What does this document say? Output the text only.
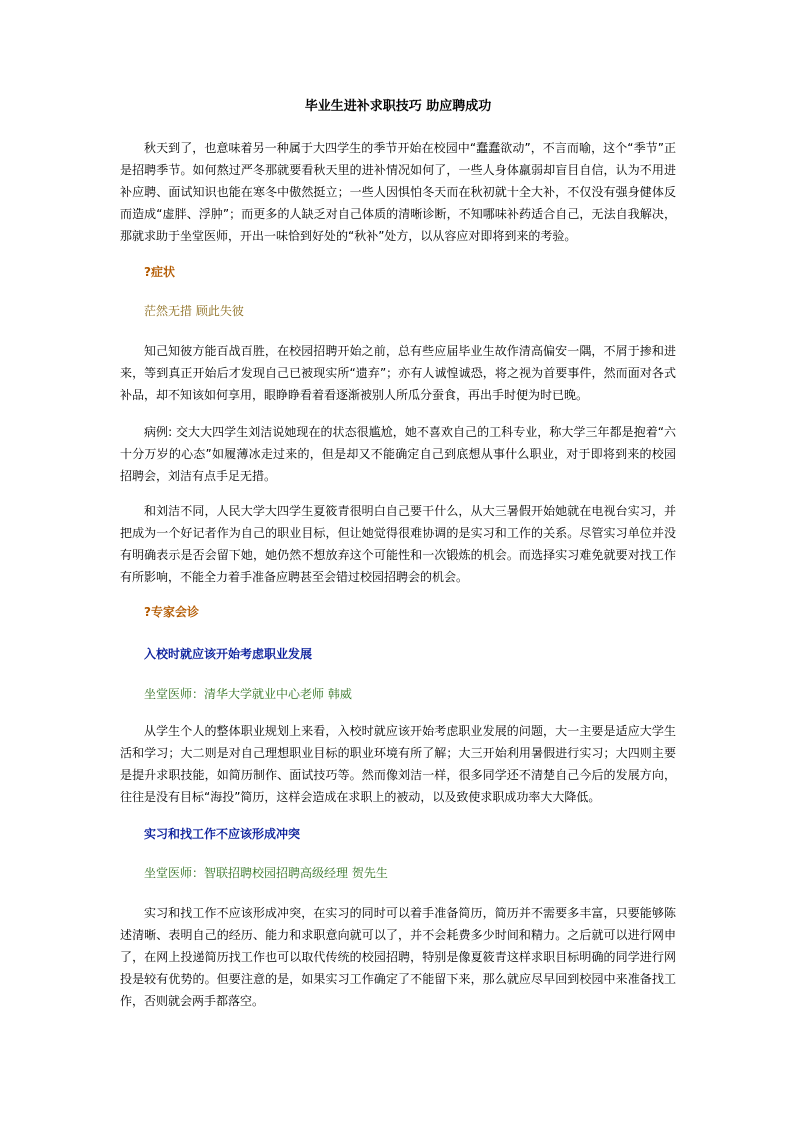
毕业生进补求职技巧 助应聘成功
秋天到了，也意味着另一种属于大四学生的季节开始在校园中“蠢蠢欲动”，不言而喻，这个“季节”正是招聘季节。如何熬过严冬那就要看秋天里的进补情况如何了，一些人身体羸弱却盲目自信，认为不用进补应聘、面试知识也能在寒冬中傲然挺立；一些人因惧怕冬天而在秋初就十全大补，不仅没有强身健体反而造成“虚胖、浮肿”；而更多的人缺乏对自己体质的清晰诊断，不知哪味补药适合自己，无法自我解决，那就求助于坐堂医师，开出一味恰到好处的“秋补”处方，以从容应对即将到来的考验。
?症状
茫然无措 顾此失彼
知己知彼方能百战百胜，在校园招聘开始之前，总有些应届毕业生故作清高偏安一隅，不屑于掺和进来，等到真正开始后才发现自己已被现实所“遗弃”；亦有人诚惶诚恐，将之视为首要事件，然而面对各式补品，却不知该如何享用，眼睁睁看着看逐渐被别人所瓜分蚕食，再出手时便为时已晚。
病例: 交大大四学生刘洁说她现在的状态很尴尬，她不喜欢自己的工科专业，称大学三年都是抱着“六十分万岁的心态”如履薄冰走过来的，但是却又不能确定自己到底想从事什么职业，对于即将到来的校园招聘会，刘洁有点手足无措。
和刘洁不同，人民大学大四学生夏筱青很明白自己要干什么，从大三暑假开始她就在电视台实习，并把成为一个好记者作为自己的职业目标，但让她觉得很难协调的是实习和工作的关系。尽管实习单位并没有明确表示是否会留下她，她仍然不想放弃这个可能性和一次锻炼的机会。而选择实习难免就要对找工作有所影响，不能全力着手准备应聘甚至会错过校园招聘会的机会。
?专家会诊
入校时就应该开始考虑职业发展
坐堂医师：清华大学就业中心老师 韩威
从学生个人的整体职业规划上来看，入校时就应该开始考虑职业发展的问题，大一主要是适应大学生活和学习；大二则是对自己理想职业目标的职业环境有所了解；大三开始利用暑假进行实习；大四则主要是提升求职技能，如简历制作、面试技巧等。然而像刘洁一样，很多同学还不清楚自己今后的发展方向，往往是没有目标“海投”简历，这样会造成在求职上的被动，以及致使求职成功率大大降低。
实习和找工作不应该形成冲突
坐堂医师：智联招聘校园招聘高级经理 贺先生
实习和找工作不应该形成冲突，在实习的同时可以着手准备简历，简历并不需要多丰富，只要能够陈述清晰、表明自己的经历、能力和求职意向就可以了，并不会耗费多少时间和精力。之后就可以进行网申了，在网上投递简历找工作也可以取代传统的校园招聘，特别是像夏筱青这样求职目标明确的同学进行网投是较有优势的。但要注意的是，如果实习工作确定了不能留下来，那么就应尽早回到校园中来准备找工作，否则就会两手都落空。
